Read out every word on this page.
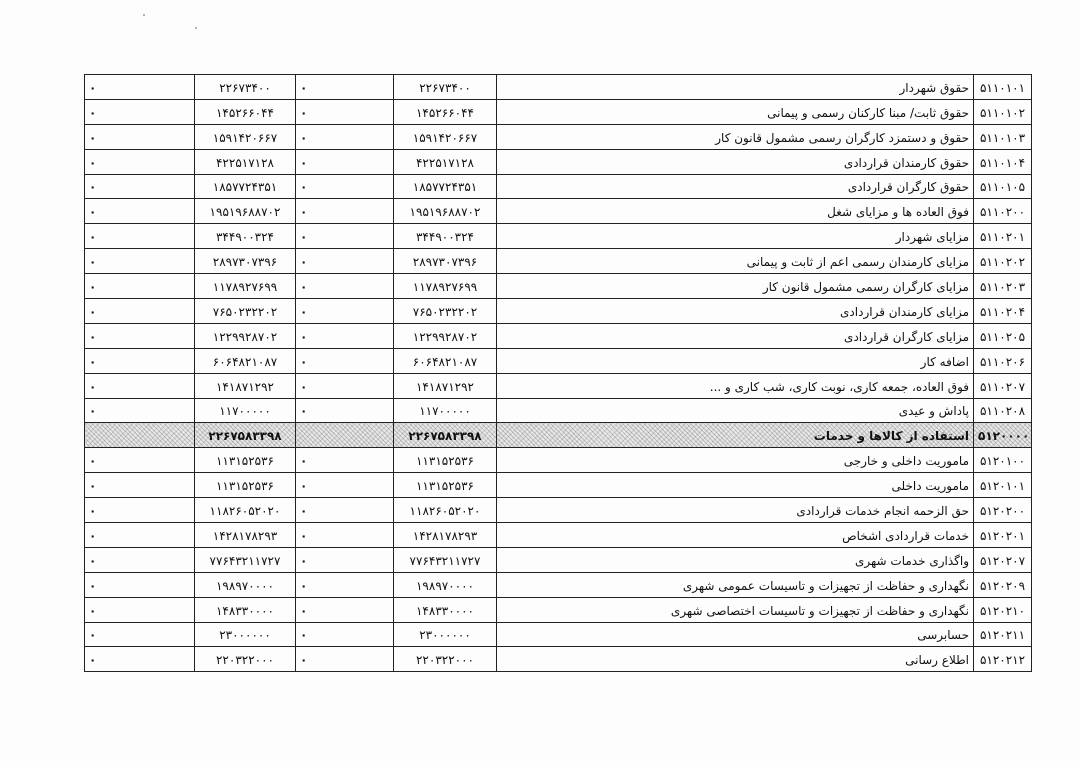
۰	۲۲۶۷۳۴۰۰	۰	۲۲۶۷۳۴۰۰	حقوق شهردار	۵۱۱۰۱۰۱
۰	۱۴۵۲۶۶۰۴۴	۰	۱۴۵۲۶۶۰۴۴	حقوق ثابت/ مبنا کارکنان رسمی و پیمانی	۵۱۱۰۱۰۲
۰	۱۵۹۱۴۲۰۶۶۷	۰	۱۵۹۱۴۲۰۶۶۷	حقوق و دستمزد کارگران رسمی مشمول قانون کار	۵۱۱۰۱۰۳
۰	۴۲۲۵۱۷۱۲۸	۰	۴۲۲۵۱۷۱۲۸	حقوق کارمندان قراردادی	۵۱۱۰۱۰۴
۰	۱۸۵۷۷۲۴۳۵۱	۰	۱۸۵۷۷۲۴۳۵۱	حقوق کارگران قراردادی	۵۱۱۰۱۰۵
۰	۱۹۵۱۹۶۸۸۷۰۲	۰	۱۹۵۱۹۶۸۸۷۰۲	فوق العاده ها و مزایای شغل	۵۱۱۰۲۰۰
۰	۳۴۴۹۰۰۳۲۴	۰	۳۴۴۹۰۰۳۲۴	مزایای شهردار	۵۱۱۰۲۰۱
۰	۲۸۹۷۳۰۷۳۹۶	۰	۲۸۹۷۳۰۷۳۹۶	مزایای کارمندان رسمی اعم از ثابت و پیمانی	۵۱۱۰۲۰۲
۰	۱۱۷۸۹۲۷۶۹۹	۰	۱۱۷۸۹۲۷۶۹۹	مزایای کارگران رسمی مشمول قانون کار	۵۱۱۰۲۰۳
۰	۷۶۵۰۲۳۲۲۰۲	۰	۷۶۵۰۲۳۲۲۰۲	مزایای کارمندان قراردادی	۵۱۱۰۲۰۴
۰	۱۲۲۹۹۲۸۷۰۲	۰	۱۲۲۹۹۲۸۷۰۲	مزایای کارگران قراردادی	۵۱۱۰۲۰۵
۰	۶۰۶۴۸۲۱۰۸۷	۰	۶۰۶۴۸۲۱۰۸۷	اضافه کار	۵۱۱۰۲۰۶
۰	۱۴۱۸۷۱۲۹۲	۰	۱۴۱۸۷۱۲۹۲	فوق العاده، جمعه کاری، نوبت کاری، شب کاری و ...	۵۱۱۰۲۰۷
۰	۱۱۷۰۰۰۰۰	۰	۱۱۷۰۰۰۰۰	پاداش و عیدی	۵۱۱۰۲۰۸
	۲۲۶۷۵۸۳۳۹۸		۲۲۶۷۵۸۳۳۹۸	استفاده از کالاها و خدمات	۵۱۲۰۰۰۰
۰	۱۱۳۱۵۲۵۳۶	۰	۱۱۳۱۵۲۵۳۶	ماموریت داخلی و خارجی	۵۱۲۰۱۰۰
۰	۱۱۳۱۵۲۵۳۶	۰	۱۱۳۱۵۲۵۳۶	ماموریت داخلی	۵۱۲۰۱۰۱
۰	۱۱۸۲۶۰۵۲۰۲۰	۰	۱۱۸۲۶۰۵۲۰۲۰	حق الزحمه انجام خدمات قراردادی	۵۱۲۰۲۰۰
۰	۱۴۲۸۱۷۸۲۹۳	۰	۱۴۲۸۱۷۸۲۹۳	خدمات قراردادی اشخاص	۵۱۲۰۲۰۱
۰	۷۷۶۴۳۲۱۱۷۲۷	۰	۷۷۶۴۳۲۱۱۷۲۷	واگذاری خدمات شهری	۵۱۲۰۲۰۷
۰	۱۹۸۹۷۰۰۰۰	۰	۱۹۸۹۷۰۰۰۰	نگهداری و حفاظت از تجهیزات و تاسیسات عمومی شهری	۵۱۲۰۲۰۹
۰	۱۴۸۳۳۰۰۰۰	۰	۱۴۸۳۳۰۰۰۰	نگهداری و حفاظت از تجهیزات و تاسیسات اختصاصی شهری	۵۱۲۰۲۱۰
۰	۲۳۰۰۰۰۰۰	۰	۲۳۰۰۰۰۰۰	حسابرسی	۵۱۲۰۲۱۱
۰	۲۲۰۳۲۲۰۰۰	۰	۲۲۰۳۲۲۰۰۰	اطلاع رسانی	۵۱۲۰۲۱۲
